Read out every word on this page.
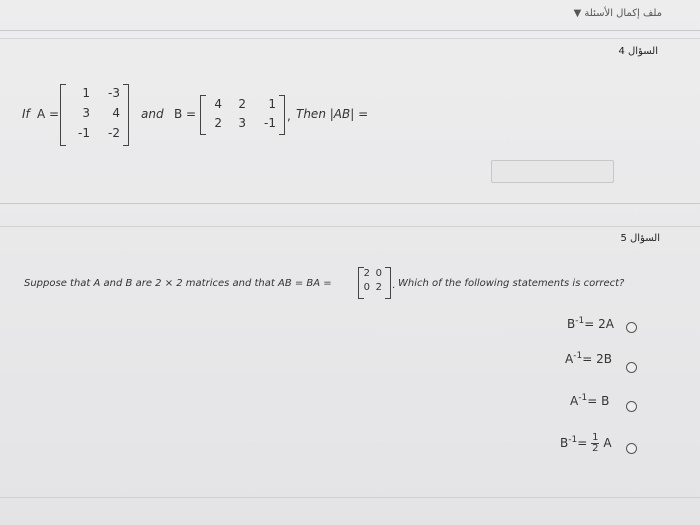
ملف إكمال الأسئلة ▼
السؤال 4
If A =
1	-3
3	4
-1	-2
and B =
4	2	1
2	3	-1 , Then |AB| =
السؤال 5
Suppose that A and B are 2 × 2 matrices and that AB = BA =
2 0
0 2 . Which of the following statements is correct?
$B^{-1}= 2A$
$A^{-1}= 2B$
$A^{-1}= B$
$B^{-1}= \frac{1}{2}$ A
